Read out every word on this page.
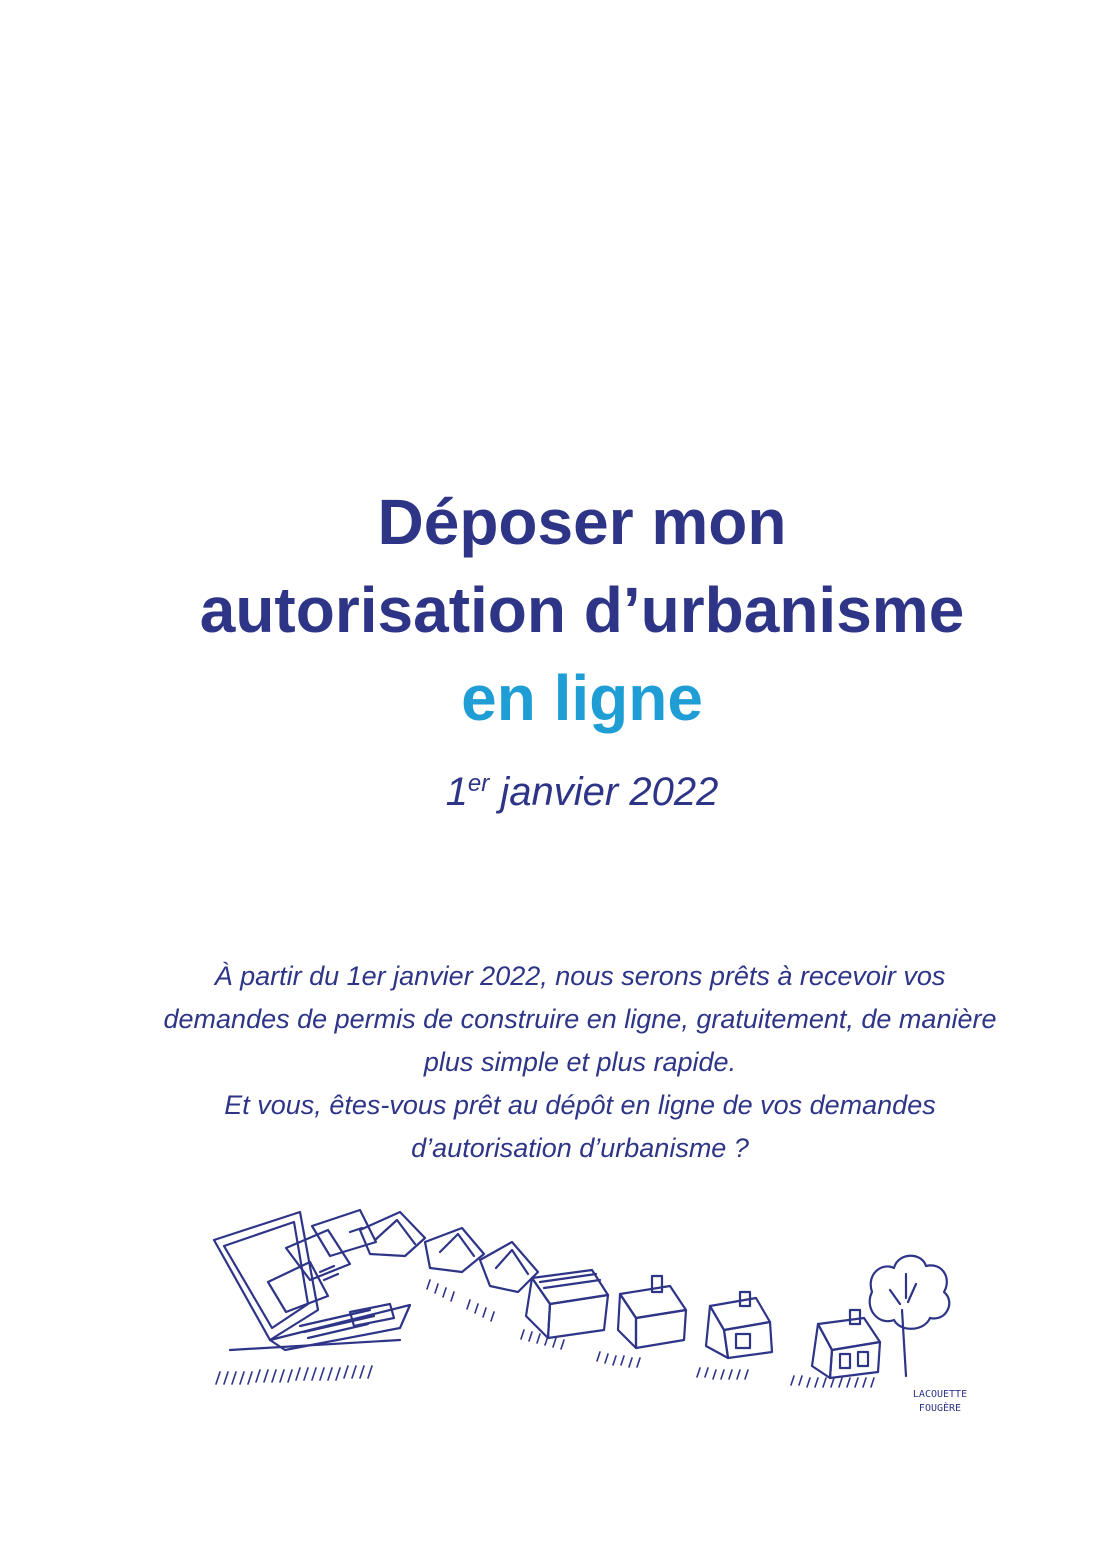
Déposer mon
autorisation d’urbanisme
en ligne
1er janvier 2022

À partir du 1er janvier 2022, nous serons prêts à recevoir vos demandes de permis de construire en ligne, gratuitement, de manière plus simple et plus rapide.

Et vous, êtes-vous prêt au dépôt en ligne de vos demandes d’autorisation d’urbanisme ?

LACOUETTE
FOUGÈRE
